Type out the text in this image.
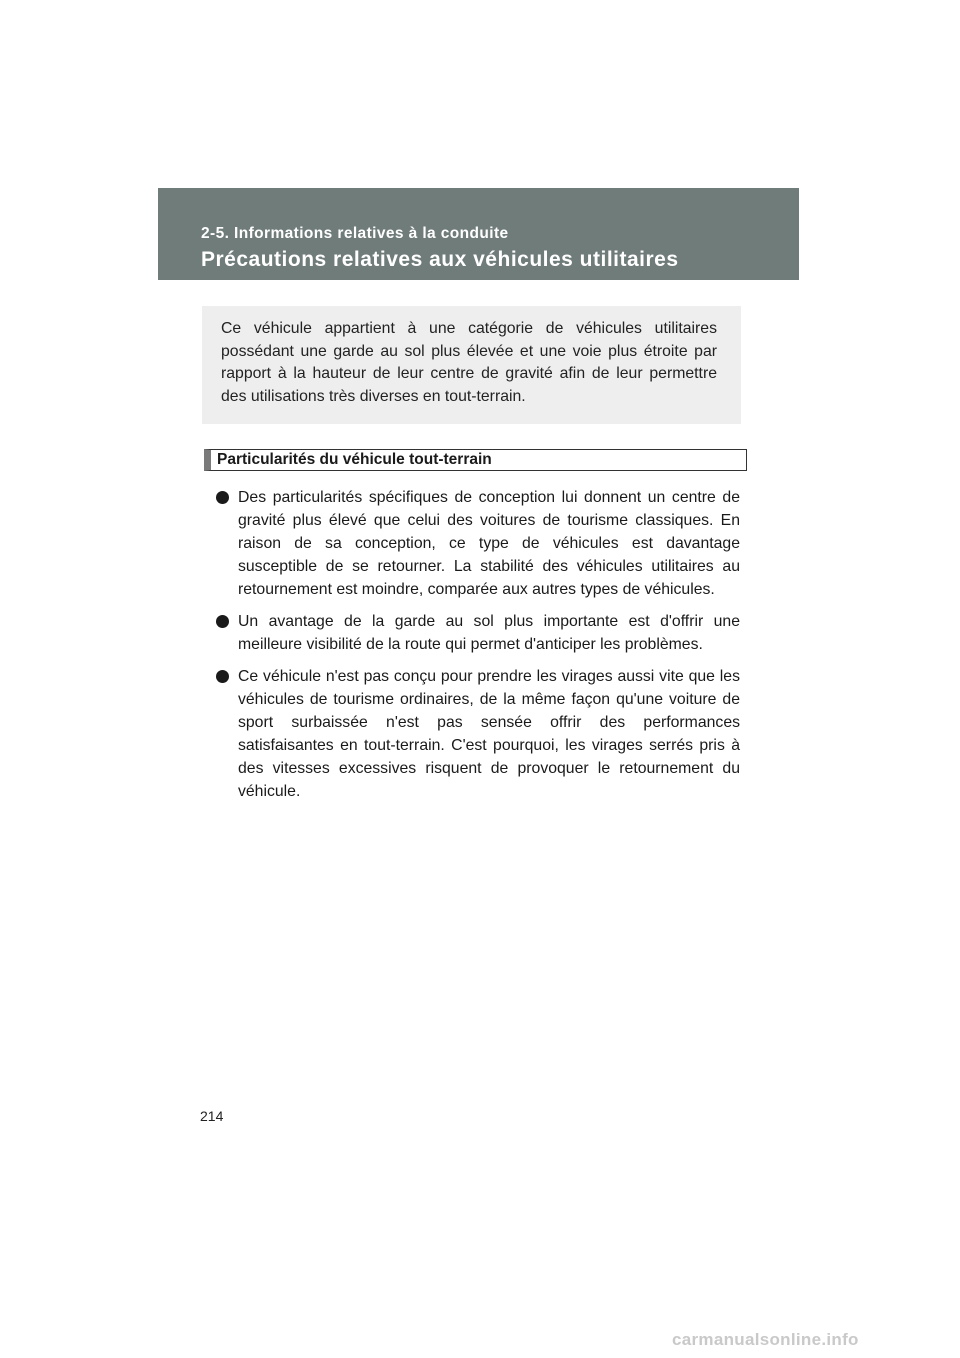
2-5. Informations relatives à la conduite
Précautions relatives aux véhicules utilitaires
Ce véhicule appartient à une catégorie de véhicules utilitaires possédant une garde au sol plus élevée et une voie plus étroite par rapport à la hauteur de leur centre de gravité afin de leur permettre des utilisations très diverses en tout-terrain.
Particularités du véhicule tout-terrain
Des particularités spécifiques de conception lui donnent un centre de gravité plus élevé que celui des voitures de tourisme classiques. En raison de sa conception, ce type de véhicules est davantage susceptible de se retourner. La stabilité des véhicules utilitaires au retournement est moindre, comparée aux autres types de véhicules.
Un avantage de la garde au sol plus importante est d'offrir une meilleure visibilité de la route qui permet d'anticiper les problèmes.
Ce véhicule n'est pas conçu pour prendre les virages aussi vite que les véhicules de tourisme ordinaires, de la même façon qu'une voiture de sport surbaissée n'est pas sensée offrir des performances satisfaisantes en tout-terrain. C'est pourquoi, les virages serrés pris à des vitesses excessives risquent de provoquer le retournement du véhicule.
214
carmanualsonline.info
